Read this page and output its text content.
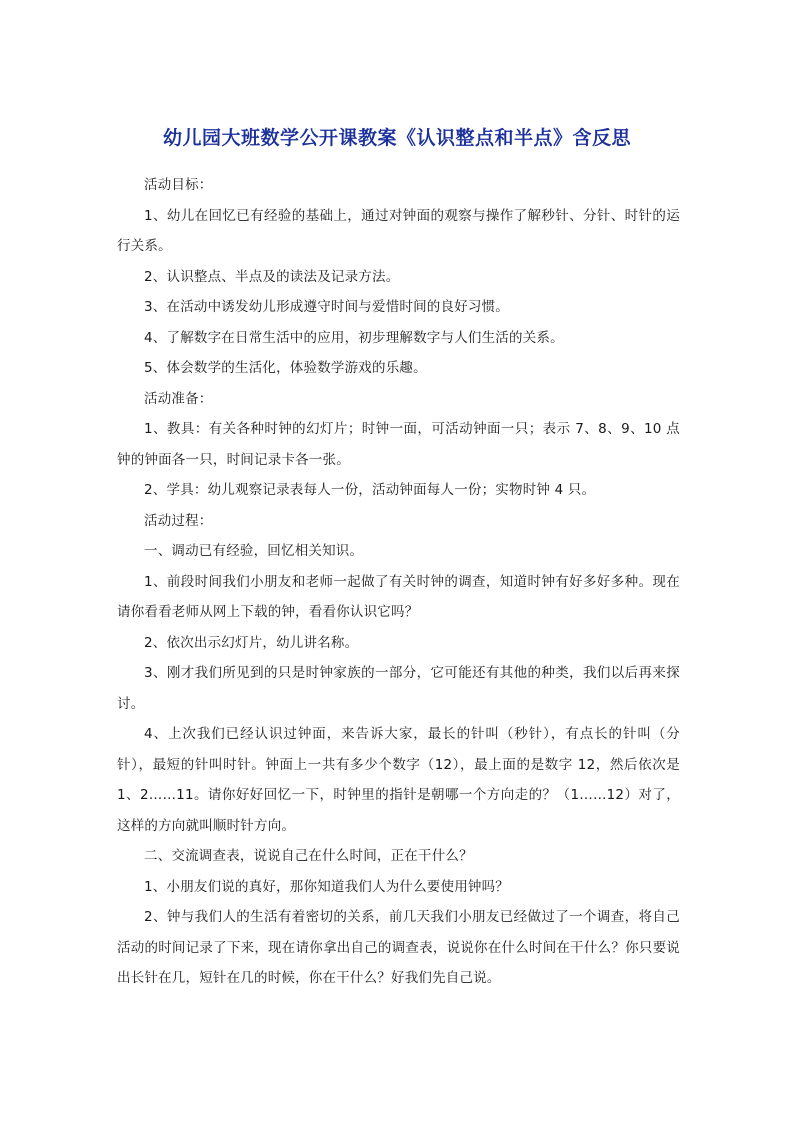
幼儿园大班数学公开课教案《认识整点和半点》含反思

活动目标：

1、幼儿在回忆已有经验的基础上，通过对钟面的观察与操作了解秒针、分针、时针的运行关系。

2、认识整点、半点及的读法及记录方法。

3、在活动中诱发幼儿形成遵守时间与爱惜时间的良好习惯。

4、了解数字在日常生活中的应用，初步理解数字与人们生活的关系。

5、体会数学的生活化，体验数学游戏的乐趣。

活动准备：

1、教具：有关各种时钟的幻灯片；时钟一面，可活动钟面一只；表示 7、8、9、10 点钟的钟面各一只，时间记录卡各一张。

2、学具：幼儿观察记录表每人一份，活动钟面每人一份；实物时钟 4 只。

活动过程：

一、调动已有经验，回忆相关知识。

1、前段时间我们小朋友和老师一起做了有关时钟的调查，知道时钟有好多好多种。现在请你看看老师从网上下载的钟，看看你认识它吗？

2、依次出示幻灯片，幼儿讲名称。

3、刚才我们所见到的只是时钟家族的一部分，它可能还有其他的种类，我们以后再来探讨。

4、上次我们已经认识过钟面，来告诉大家，最长的针叫（秒针），有点长的针叫（分针），最短的针叫时针。钟面上一共有多少个数字（12），最上面的是数字 12，然后依次是 1、2……11。请你好好回忆一下，时钟里的指针是朝哪一个方向走的？（1……12）对了，这样的方向就叫顺时针方向。

二、交流调查表，说说自己在什么时间，正在干什么？

1、小朋友们说的真好，那你知道我们人为什么要使用钟吗？

2、钟与我们人的生活有着密切的关系，前几天我们小朋友已经做过了一个调查，将自己活动的时间记录了下来，现在请你拿出自己的调查表，说说你在什么时间在干什么？你只要说出长针在几，短针在几的时候，你在干什么？好我们先自己说。
